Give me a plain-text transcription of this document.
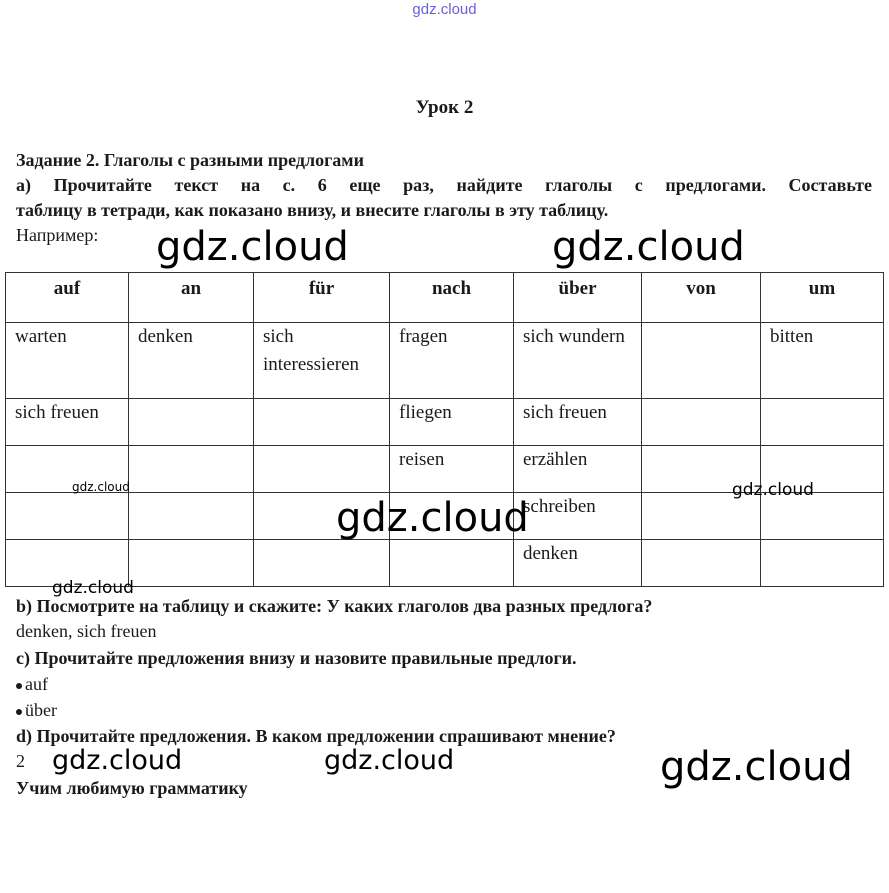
gdz.cloud
Урок 2
Задание 2. Глаголы с разными предлогами
а) Прочитайте текст на с. 6 еще раз, найдите глаголы с предлогами. Составьте
таблицу в тетради, как показано внизу, и внесите глаголы в эту таблицу.
Например:
auf	an	für	nach	über	von	um
warten	denken	sich interessieren	fragen	sich wundern		bitten
sich freuen			fliegen	sich freuen		
			reisen	erzählen		
				schreiben		
				denken		
b) Посмотрите на таблицу и скажите: У каких глаголов два разных предлога?
denken, sich freuen
с) Прочитайте предложения внизу и назовите правильные предлоги.
auf
über
d) Прочитайте предложения. В каком предложении спрашивают мнение?
2
Учим любимую грамматику
gdz.cloud	gdz.cloud
gdz.cloud
gdz.cloud	gdz.cloud
gdz.cloud
gdz.cloud	gdz.cloud	gdz.cloud
